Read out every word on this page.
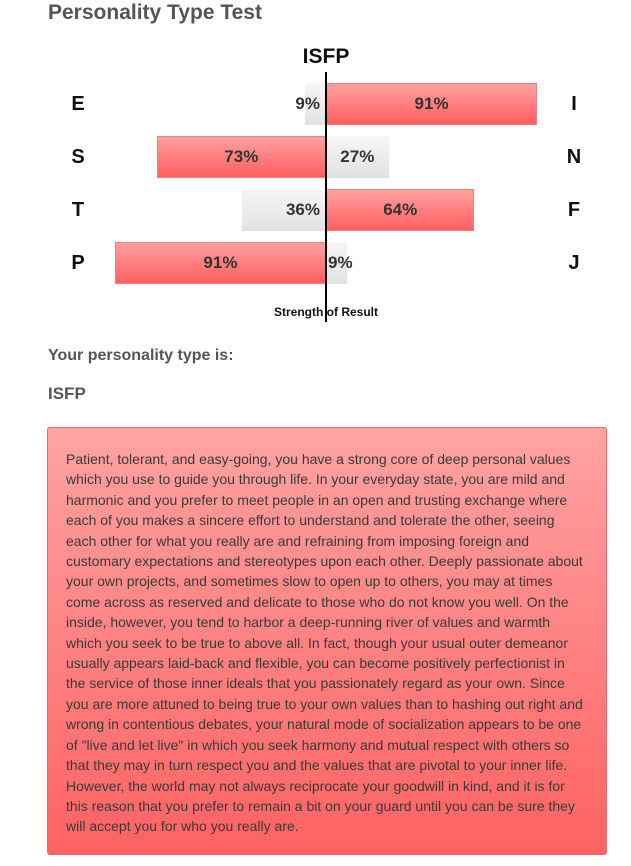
Personality Type Test
ISFP
E	I
9%	91%
S	N
73%	27%
T	F
36%	64%
P	J
91%	9%
Strength of Result
Your personality type is:
ISFP

Patient, tolerant, and easy-going, you have a strong core of deep personal values which you use to guide you through life. In your everyday state, you are mild and harmonic and you prefer to meet people in an open and trusting exchange where each of you makes a sincere effort to understand and tolerate the other, seeing each other for what you really are and refraining from imposing foreign and customary expectations and stereotypes upon each other. Deeply passionate about your own projects, and sometimes slow to open up to others, you may at times come across as reserved and delicate to those who do not know you well. On the inside, however, you tend to harbor a deep-running river of values and warmth which you seek to be true to above all. In fact, though your usual outer demeanor usually appears laid-back and flexible, you can become positively perfectionist in the service of those inner ideals that you passionately regard as your own. Since you are more attuned to being true to your own values than to hashing out right and wrong in contentious debates, your natural mode of socialization appears to be one of "live and let live" in which you seek harmony and mutual respect with others so that they may in turn respect you and the values that are pivotal to your inner life. However, the world may not always reciprocate your goodwill in kind, and it is for this reason that you prefer to remain a bit on your guard until you can be sure they will accept you for who you really are.
